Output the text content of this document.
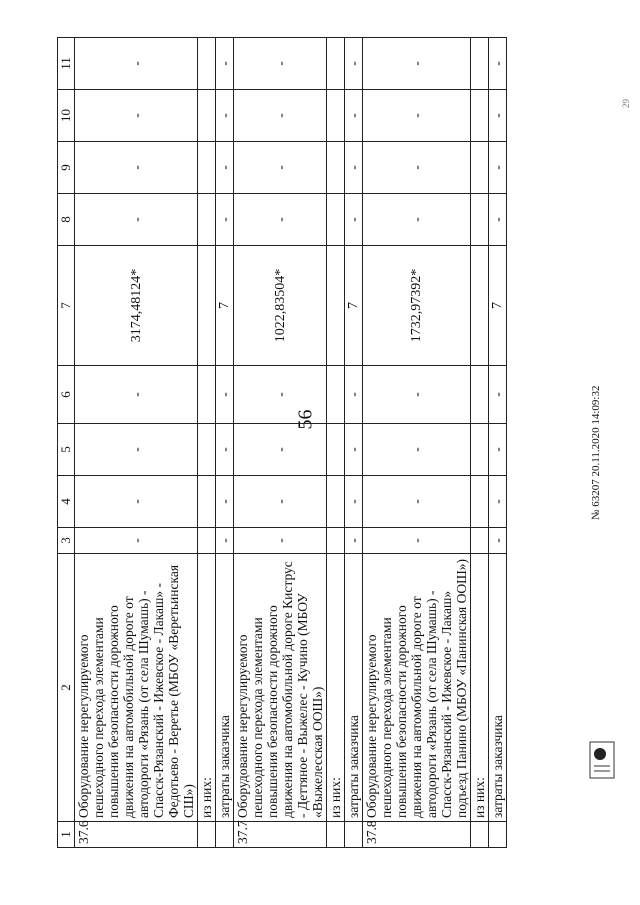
56
1	2	3	4	5	6	7	8	9	10	11
37.6	Оборудование нерегулируемого пешеходного перехода элементами повышения безопасности дорожного движения на автомобильной дороге от автодороги «Рязань (от села Шумашь) - Спасск-Рязанский - Ижевское - Лакаш» - Федотьево - Веретье (МБОУ «Веретьинская СШ»)	-	-	-	-	3174,48124*	-	-	-	-
	из них:									
	затраты заказчика	-	-	-	-	7	-	-	-	-
37.7	Оборудование нерегулируемого пешеходного перехода элементами повышения безопасности дорожного движения на автомобильной дороге Киструс - Деттяное - Выжелес - Кучино (МБОУ «Выжелесская ООШ»)	-	-	-	-	1022,83504*	-	-	-	-
	из них:									
	затраты заказчика	-	-	-	-	7	-	-	-	-
37.8	Оборудование нерегулируемого пешеходного перехода элементами повышения безопасности дорожного движения на автомобильной дороге от автодороги «Рязань (от села Шумашь) - Спасск-Рязанский - Ижевское - Лакаш» подъезд Панино (МБОУ «Панинская ООШ»)	-	-	-	-	1732,97392*	-	-	-	-
	из них:									
	затраты заказчика	-	-	-	-	7	-	-	-	-
29
№ 63207 20.11.2020 14:09:32
